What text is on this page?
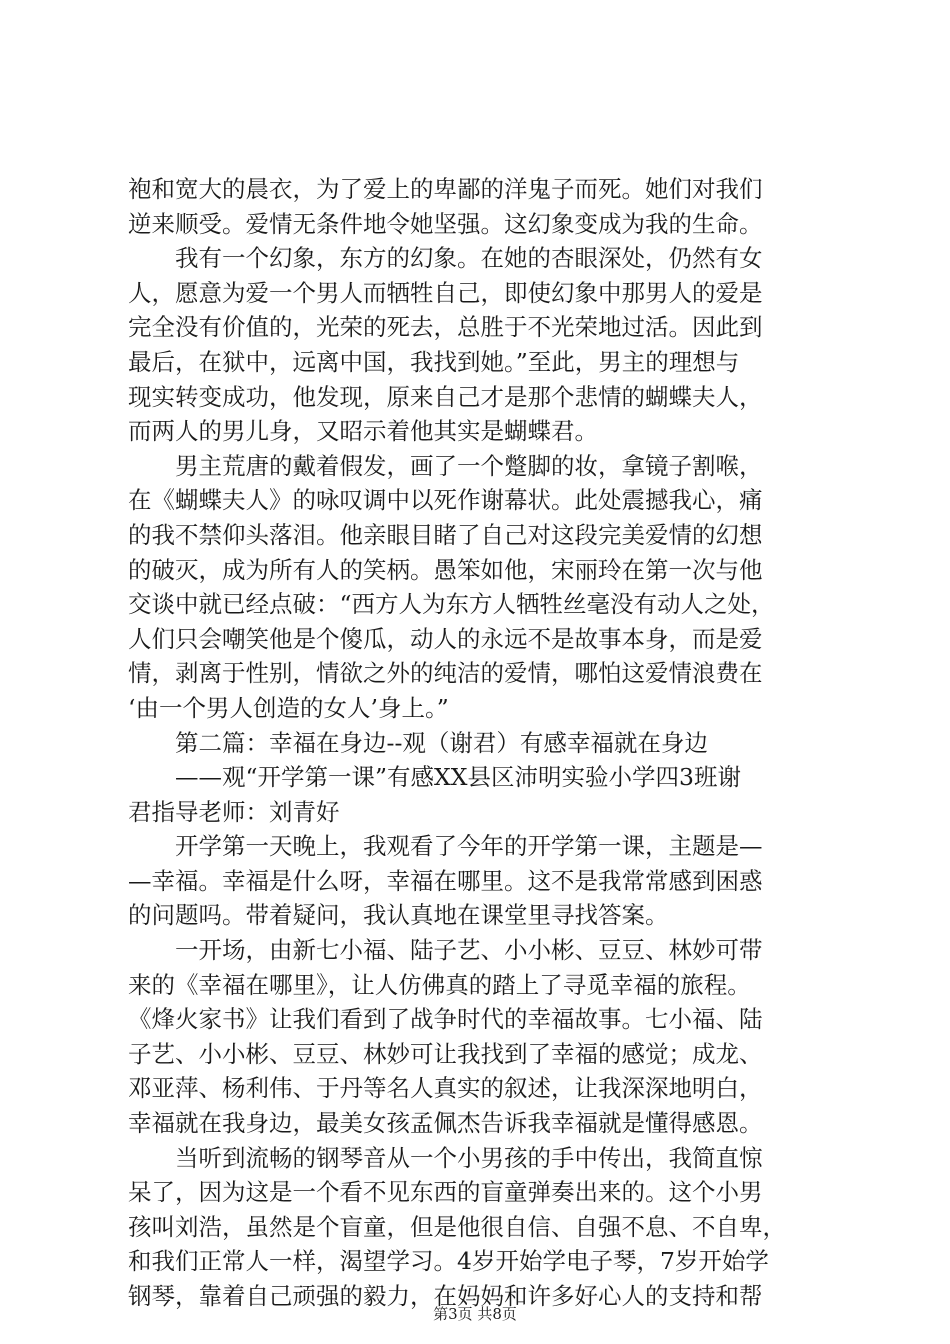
袍和宽大的晨衣，为了爱上的卑鄙的洋鬼子而死。她们对我们
逆来顺受。爱情无条件地令她坚强。这幻象变成为我的生命。
我有一个幻象，东方的幻象。在她的杏眼深处，仍然有女
人，愿意为爱一个男人而牺牲自己，即使幻象中那男人的爱是
完全没有价值的，光荣的死去，总胜于不光荣地过活。因此到
最后，在狱中，远离中国，我找到她。”至此，男主的理想与
现实转变成功，他发现，原来自己才是那个悲情的蝴蝶夫人，
而两人的男儿身，又昭示着他其实是蝴蝶君。
男主荒唐的戴着假发，画了一个蹩脚的妆，拿镜子割喉，
在《蝴蝶夫人》的咏叹调中以死作谢幕状。此处震撼我心，痛
的我不禁仰头落泪。他亲眼目睹了自己对这段完美爱情的幻想
的破灭，成为所有人的笑柄。愚笨如他，宋丽玲在第一次与他
交谈中就已经点破：“西方人为东方人牺牲丝毫没有动人之处，
人们只会嘲笑他是个傻瓜，动人的永远不是故事本身，而是爱
情，剥离于性别，情欲之外的纯洁的爱情，哪怕这爱情浪费在
‘由一个男人创造的女人’身上。”
第二篇：幸福在身边--观（谢君）有感幸福就在身边
——观“开学第一课”有感XX县区沛明实验小学四3班谢
君指导老师：刘青好
开学第一天晚上，我观看了今年的开学第一课，主题是—
—幸福。幸福是什么呀，幸福在哪里。这不是我常常感到困惑
的问题吗。带着疑问，我认真地在课堂里寻找答案。
一开场，由新七小福、陆子艺、小小彬、豆豆、林妙可带
来的《幸福在哪里》，让人仿佛真的踏上了寻觅幸福的旅程。
《烽火家书》让我们看到了战争时代的幸福故事。七小福、陆
子艺、小小彬、豆豆、林妙可让我找到了幸福的感觉；成龙、
邓亚萍、杨利伟、于丹等名人真实的叙述，让我深深地明白，
幸福就在我身边，最美女孩孟佩杰告诉我幸福就是懂得感恩。
当听到流畅的钢琴音从一个小男孩的手中传出，我简直惊
呆了，因为这是一个看不见东西的盲童弹奏出来的。这个小男
孩叫刘浩，虽然是个盲童，但是他很自信、自强不息、不自卑，
和我们正常人一样，渴望学习。4岁开始学电子琴，7岁开始学
钢琴，靠着自己顽强的毅力，在妈妈和许多好心人的支持和帮
第3页 共8页
